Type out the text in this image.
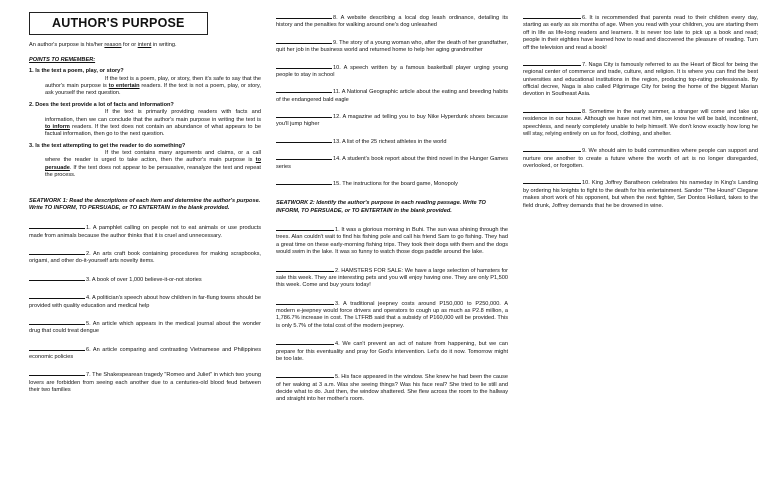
AUTHOR'S PURPOSE

An author's purpose is his/her reason for or intent in writing.

POINTS TO REMEMBER:

1. Is the text a poem, play, or story?

If the text is a poem, play, or story, then it's safe to say that the author's main purpose is to entertain readers. If the text is not a poem, play, or story, ask yourself the next question.

2. Does the text provide a lot of facts and information?

If the text is primarily providing readers with facts and information, then we can conclude that the author's main purpose in writing the text is to inform readers. If the text does not contain an abundance of what appears to be factual information, then go to the next question.

3. Is the text attempting to get the reader to do something?

If the text contains many arguments and claims, or a call where the reader is urged to take action, then the author's main purpose is to persuade. If the text does not appear to be persuasive, reanalyze the text and repeat the process.

SEATWORK 1: Read the descriptions of each item and determine the author's purpose. Write TO INFORM, TO PERSUADE, or TO ENTERTAIN in the blank provided.

1. A pamphlet calling on people not to eat animals or use products made from animals because the author thinks that it is cruel and unnecessary.

2. An arts craft book containing procedures for making scrapbooks, origami, and other do-it-yourself arts novelty items.

3. A book of over 1,000 believe-it-or-not stories

4. A politician's speech about how children in far-flung towns should be provided with quality education and medical help

5. An article which appears in the medical journal about the wonder drug that could treat dengue

6. An article comparing and contrasting Vietnamese and Philippines economic policies

7. The Shakespearean tragedy "Romeo and Juliet" in which two young lovers are forbidden from seeing each another due to a centuries-old blood feud between their two families

8. A website describing a local dog leash ordinance, detailing its history and the penalties for walking around one's dog unleashed

9. The story of a young woman who, after the death of her grandfather, quit her job in the business world and returned home to help her aging grandmother

10. A speech written by a famous basketball player urging young people to stay in school

11. A National Geographic article about the eating and breeding habits of the endangered bald eagle

12. A magazine ad telling you to buy Nike Hyperdunk shoes because you'll jump higher

13. A list of the 25 richest athletes in the world

14. A student's book report about the third novel in the Hunger Games series

15. The instructions for the board game, Monopoly

SEATWORK 2: Identify the author's purpose in each reading passage. Write TO INFORM, TO PERSUADE, or TO ENTERTAIN in the blank provided.

1. It was a glorious morning in Buhi. The sun was shining through the trees. Alan couldn't wait to find his fishing pole and call his friend Sam to go fishing. They had a great time on these early-morning fishing trips. They took their dogs with them and the dogs would swim in the lake. It was so funny to watch those dogs paddle around the lake.

2. HAMSTERS FOR SALE: We have a large selection of hamsters for sale this week. They are interesting pets and you will enjoy having one. They are only P1,500 this week. Come and buy yours today!

3. A traditional jeepney costs around P150,000 to P250,000. A modern e-jeepney would force drivers and operators to cough up as much as P2.8 million, a 1,786.7% increase in cost. The LTFRB said that a subsidy of P160,000 will be provided. This is only 5.7% of the total cost of the modern jeepney.

4. We can't prevent an act of nature from happening, but we can prepare for this eventuality and pray for God's intervention. Let's do it now. Tomorrow might be too late.

5. His face appeared in the window. She knew he had been the cause of her waking at 3 a.m. Was she seeing things? Was his face real? She tried to lie still and decide what to do. Just then, the window shattered. She flew across the room to the hallway and straight into her mother's room.

6. It is recommended that parents read to their children every day, starting as early as six months of age. When you read with your children, you are starting them off in life as life-long readers and learners. It is never too late to pick up a book and read; people in their eighties have learned how to read and discovered the pleasure of reading. Turn off the television and read a book!

7. Naga City is famously referred to as the Heart of Bicol for being the regional center of commerce and trade, culture, and religion. It is where you can find the best universities and educational institutions in the region, producing top-rating professionals. By official decree, Naga is also called Pilgrimage City for being the home of the biggest Marian devotion in Southeast Asia.

8. Sometime in the early summer, a stranger will come and take up residence in our house. Although we have not met him, we know he will be bald, incontinent, speechless, and nearly completely unable to help himself. We don't know exactly how long he will stay, relying entirely on us for food, clothing, and shelter.

9. We should aim to build communities where people can support and nurture one another to create a future where the worth of art is no longer disregarded, overlooked, or forgotten.

10. King Joffrey Baratheon celebrates his nameday in King's Landing by ordering his knights to fight to the death for his entertainment. Sandor "The Hound" Clegane makes short work of his opponent, but when the next fighter, Ser Dontos Hollard, takes to the field drunk, Joffrey demands that he be drowned in wine.
